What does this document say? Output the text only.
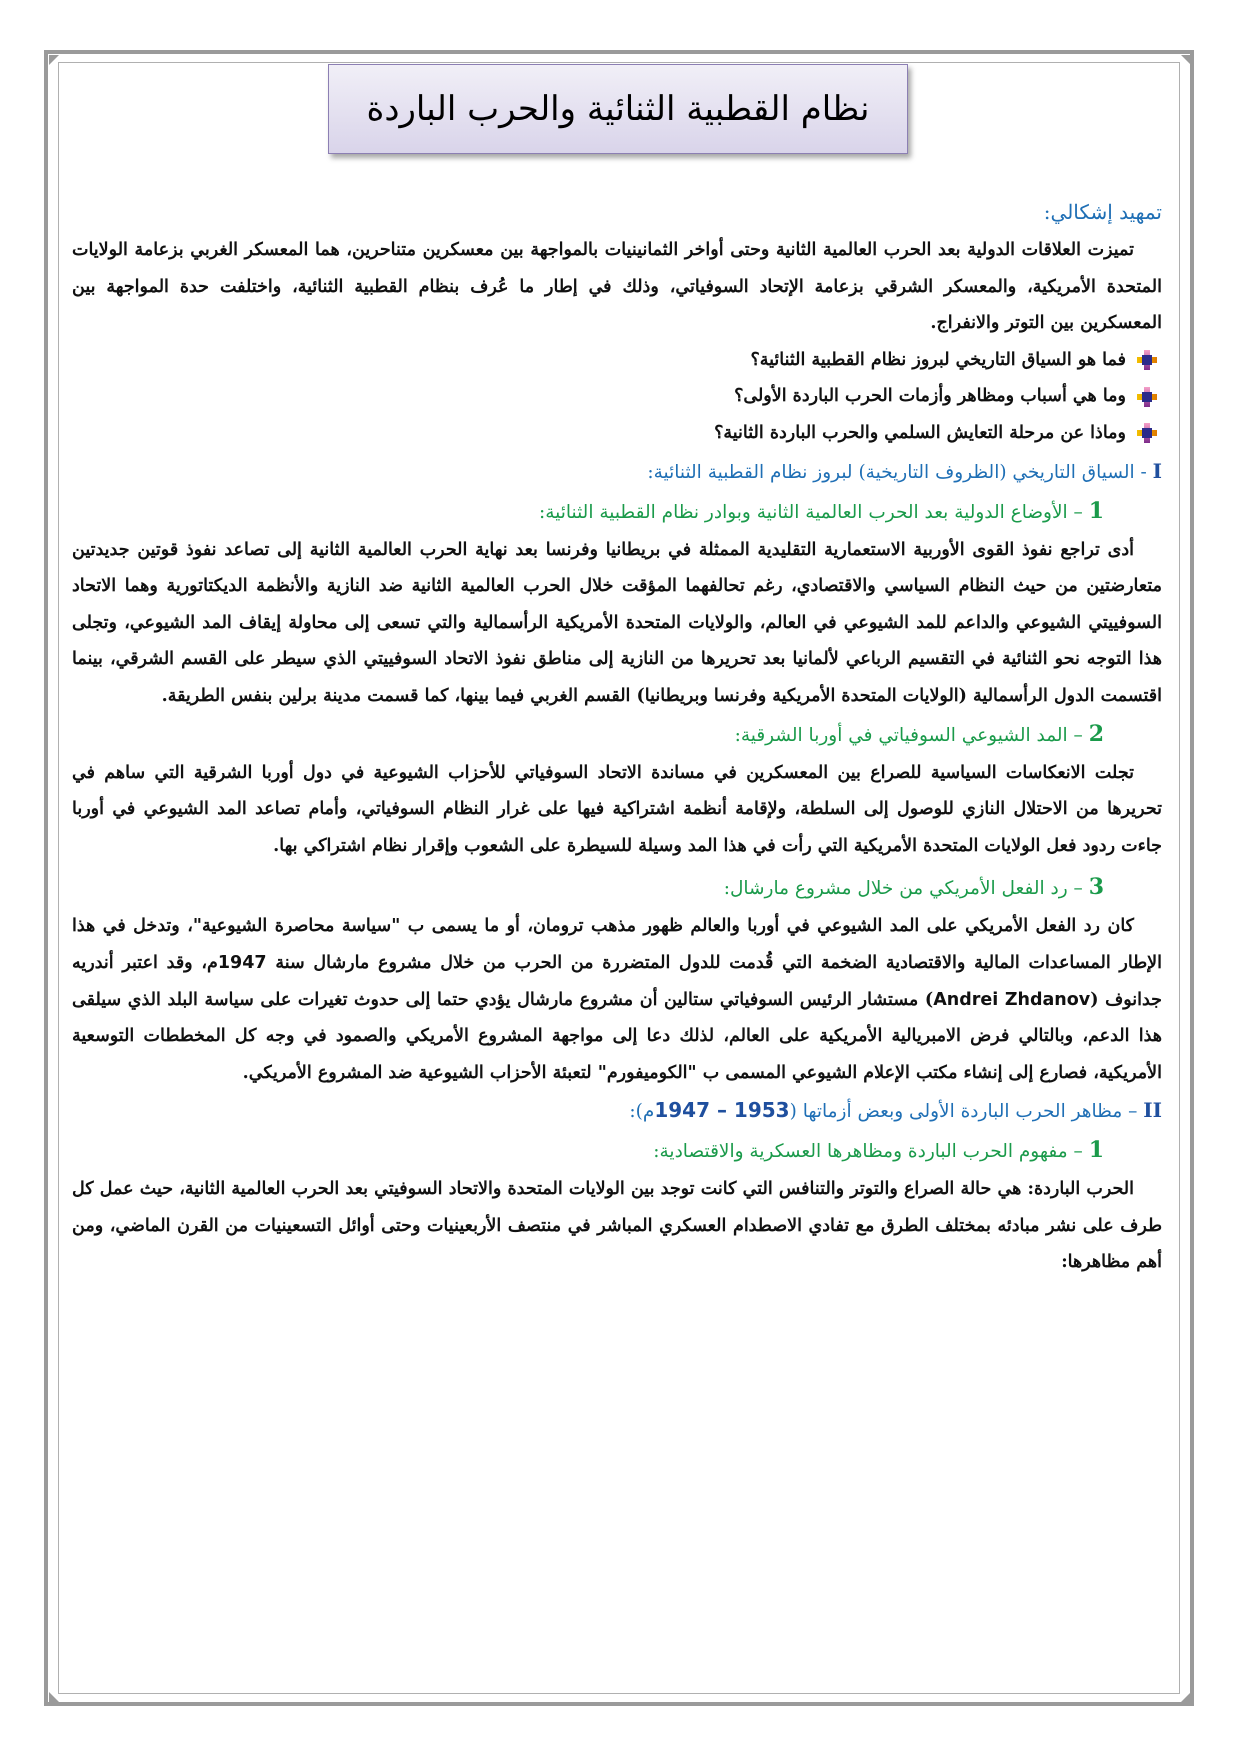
نظام القطبية الثنائية والحرب الباردة

تمهيد إشكالي:

تميزت العلاقات الدولية بعد الحرب العالمية الثانية وحتى أواخر الثمانينيات بالمواجهة بين معسكرين متناحرين، هما المعسكر الغربي بزعامة الولايات المتحدة الأمريكية، والمعسكر الشرقي بزعامة الإتحاد السوفياتي، وذلك في إطار ما عُرف بنظام القطبية الثنائية، واختلفت حدة المواجهة بين المعسكرين بين التوتر والانفراج.

فما هو السياق التاريخي لبروز نظام القطبية الثنائية؟
وما هي أسباب ومظاهر وأزمات الحرب الباردة الأولى؟
وماذا عن مرحلة التعايش السلمي والحرب الباردة الثانية؟

I - السياق التاريخي (الظروف التاريخية) لبروز نظام القطبية الثنائية:

1 – الأوضاع الدولية بعد الحرب العالمية الثانية وبوادر نظام القطبية الثنائية:

أدى تراجع نفوذ القوى الأوربية الاستعمارية التقليدية الممثلة في بريطانيا وفرنسا بعد نهاية الحرب العالمية الثانية إلى تصاعد نفوذ قوتين جديدتين متعارضتين من حيث النظام السياسي والاقتصادي، رغم تحالفهما المؤقت خلال الحرب العالمية الثانية ضد النازية والأنظمة الديكتاتورية وهما الاتحاد السوفييتي الشيوعي والداعم للمد الشيوعي في العالم، والولايات المتحدة الأمريكية الرأسمالية والتي تسعى إلى محاولة إيقاف المد الشيوعي، وتجلى هذا التوجه نحو الثنائية في التقسيم الرباعي لألمانيا بعد تحريرها من النازية إلى مناطق نفوذ الاتحاد السوفييتي الذي سيطر على القسم الشرقي، بينما اقتسمت الدول الرأسمالية (الولايات المتحدة الأمريكية وفرنسا وبريطانيا) القسم الغربي فيما بينها، كما قسمت مدينة برلين بنفس الطريقة.

2 – المد الشيوعي السوفياتي في أوربا الشرقية:

تجلت الانعكاسات السياسية للصراع بين المعسكرين في مساندة الاتحاد السوفياتي للأحزاب الشيوعية في دول أوربا الشرقية التي ساهم في تحريرها من الاحتلال النازي للوصول إلى السلطة، ولإقامة أنظمة اشتراكية فيها على غرار النظام السوفياتي، وأمام تصاعد المد الشيوعي في أوربا جاءت ردود فعل الولايات المتحدة الأمريكية التي رأت في هذا المد وسيلة للسيطرة على الشعوب وإقرار نظام اشتراكي بها.

3 – رد الفعل الأمريكي من خلال مشروع مارشال:

كان رد الفعل الأمريكي على المد الشيوعي في أوربا والعالم ظهور مذهب ترومان، أو ما يسمى ب "سياسة محاصرة الشيوعية"، وتدخل في هذا الإطار المساعدات المالية والاقتصادية الضخمة التي قُدمت للدول المتضررة من الحرب من خلال مشروع مارشال سنة 1947م، وقد اعتبر أندريه جدانوف (Andrei Zhdanov) مستشار الرئيس السوفياتي ستالين أن مشروع مارشال يؤدي حتما إلى حدوث تغيرات على سياسة البلد الذي سيلقى هذا الدعم، وبالتالي فرض الامبريالية الأمريكية على العالم، لذلك دعا إلى مواجهة المشروع الأمريكي والصمود في وجه كل المخططات التوسعية الأمريكية، فصارع إلى إنشاء مكتب الإعلام الشيوعي المسمى ب "الكوميفورم" لتعبئة الأحزاب الشيوعية ضد المشروع الأمريكي.

II – مظاهر الحرب الباردة الأولى وبعض أزماتها (1947 – 1953م):

1 – مفهوم الحرب الباردة ومظاهرها العسكرية والاقتصادية:

الحرب الباردة: هي حالة الصراع والتوتر والتنافس التي كانت توجد بين الولايات المتحدة والاتحاد السوفيتي بعد الحرب العالمية الثانية، حيث عمل كل طرف على نشر مبادئه بمختلف الطرق مع تفادي الاصطدام العسكري المباشر في منتصف الأربعينيات وحتى أوائل التسعينيات من القرن الماضي، ومن أهم مظاهرها:
